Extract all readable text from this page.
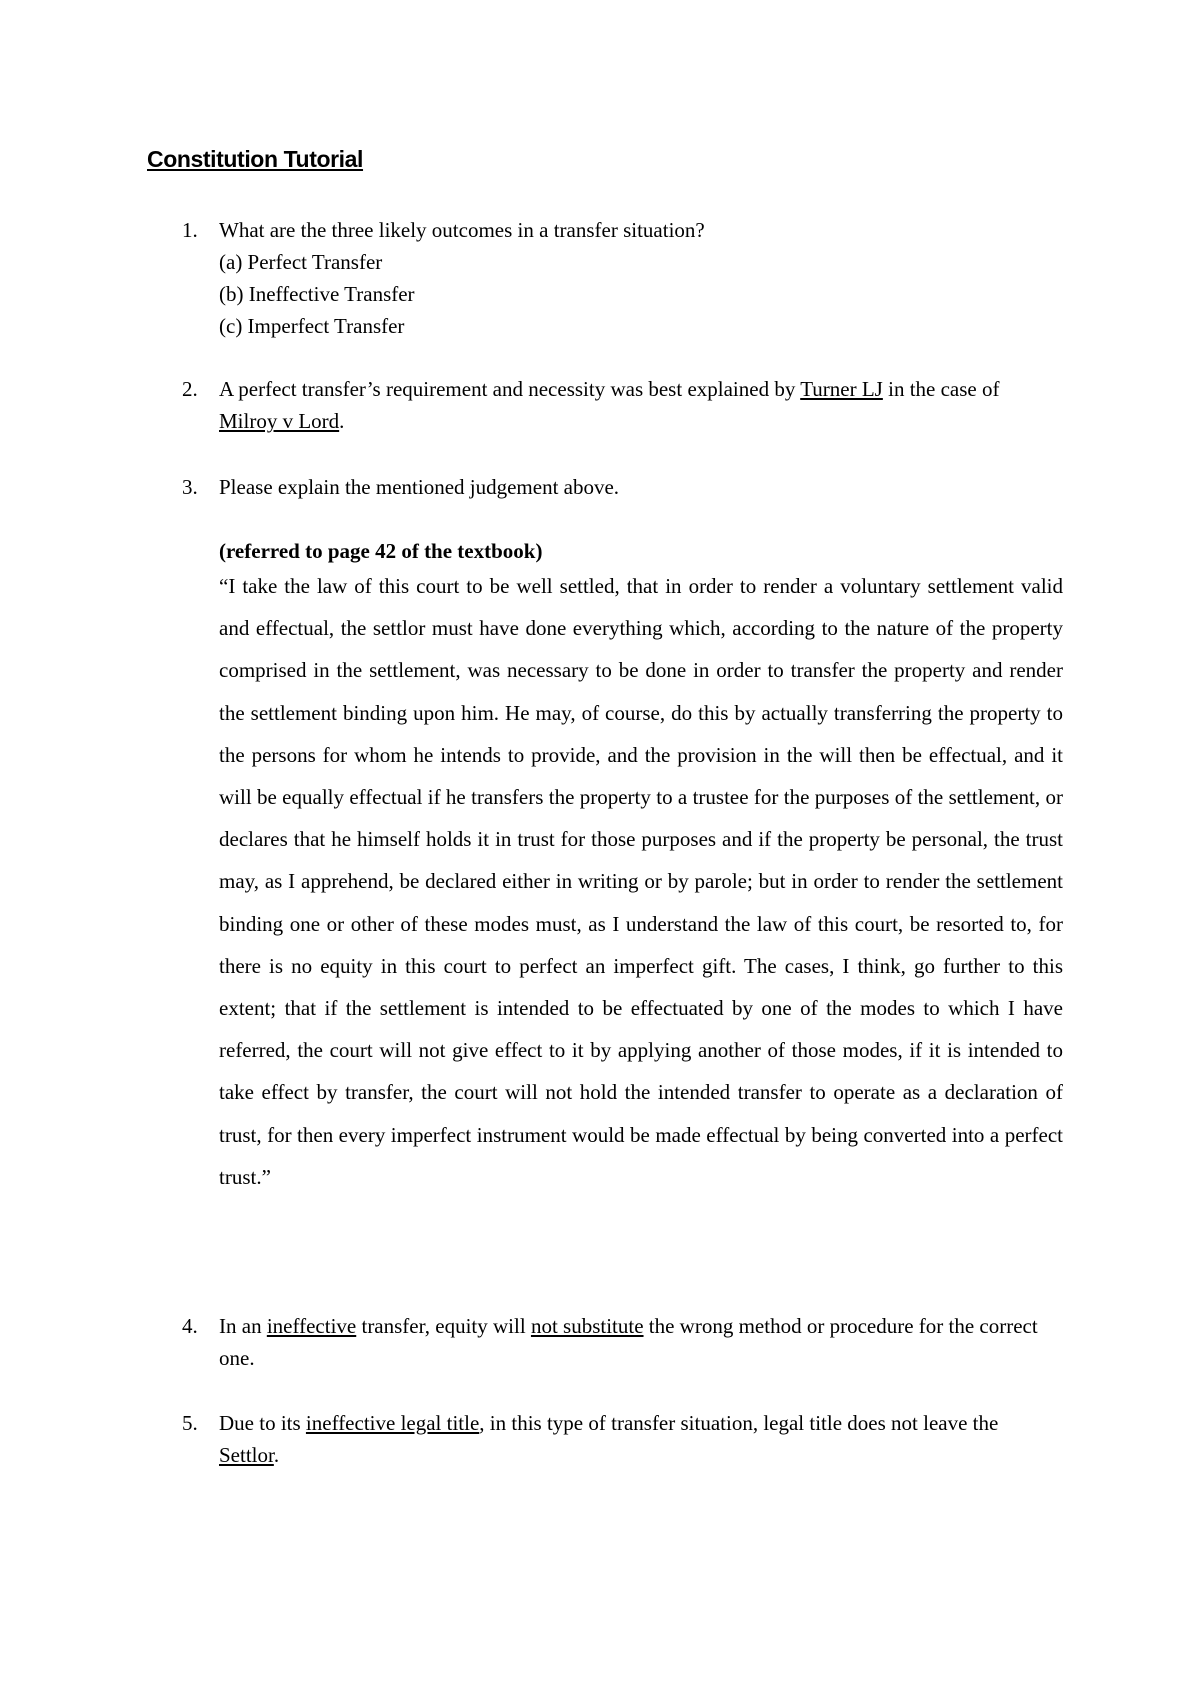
Constitution Tutorial
1.	What are the three likely outcomes in a transfer situation?
(a) Perfect Transfer
(b) Ineffective Transfer
(c) Imperfect Transfer
2.	A perfect transfer’s requirement and necessity was best explained by Turner LJ in the case of Milroy v Lord.
3.	Please explain the mentioned judgement above.
(referred to page 42 of the textbook)
“I take the law of this court to be well settled, that in order to render a voluntary settlement valid and effectual, the settlor must have done everything which, according to the nature of the property comprised in the settlement, was necessary to be done in order to transfer the property and render the settlement binding upon him. He may, of course, do this by actually transferring the property to the persons for whom he intends to provide, and the provision in the will then be effectual, and it will be equally effectual if he transfers the property to a trustee for the purposes of the settlement, or declares that he himself holds it in trust for those purposes and if the property be personal, the trust may, as I apprehend, be declared either in writing or by parole; but in order to render the settlement binding one or other of these modes must, as I understand the law of this court, be resorted to, for there is no equity in this court to perfect an imperfect gift. The cases, I think, go further to this extent; that if the settlement is intended to be effectuated by one of the modes to which I have referred, the court will not give effect to it by applying another of those modes, if it is intended to take effect by transfer, the court will not hold the intended transfer to operate as a declaration of trust, for then every imperfect instrument would be made effectual by being converted into a perfect trust.”
4.	In an ineffective transfer, equity will not substitute the wrong method or procedure for the correct one.
5.	Due to its ineffective legal title, in this type of transfer situation, legal title does not leave the Settlor.
